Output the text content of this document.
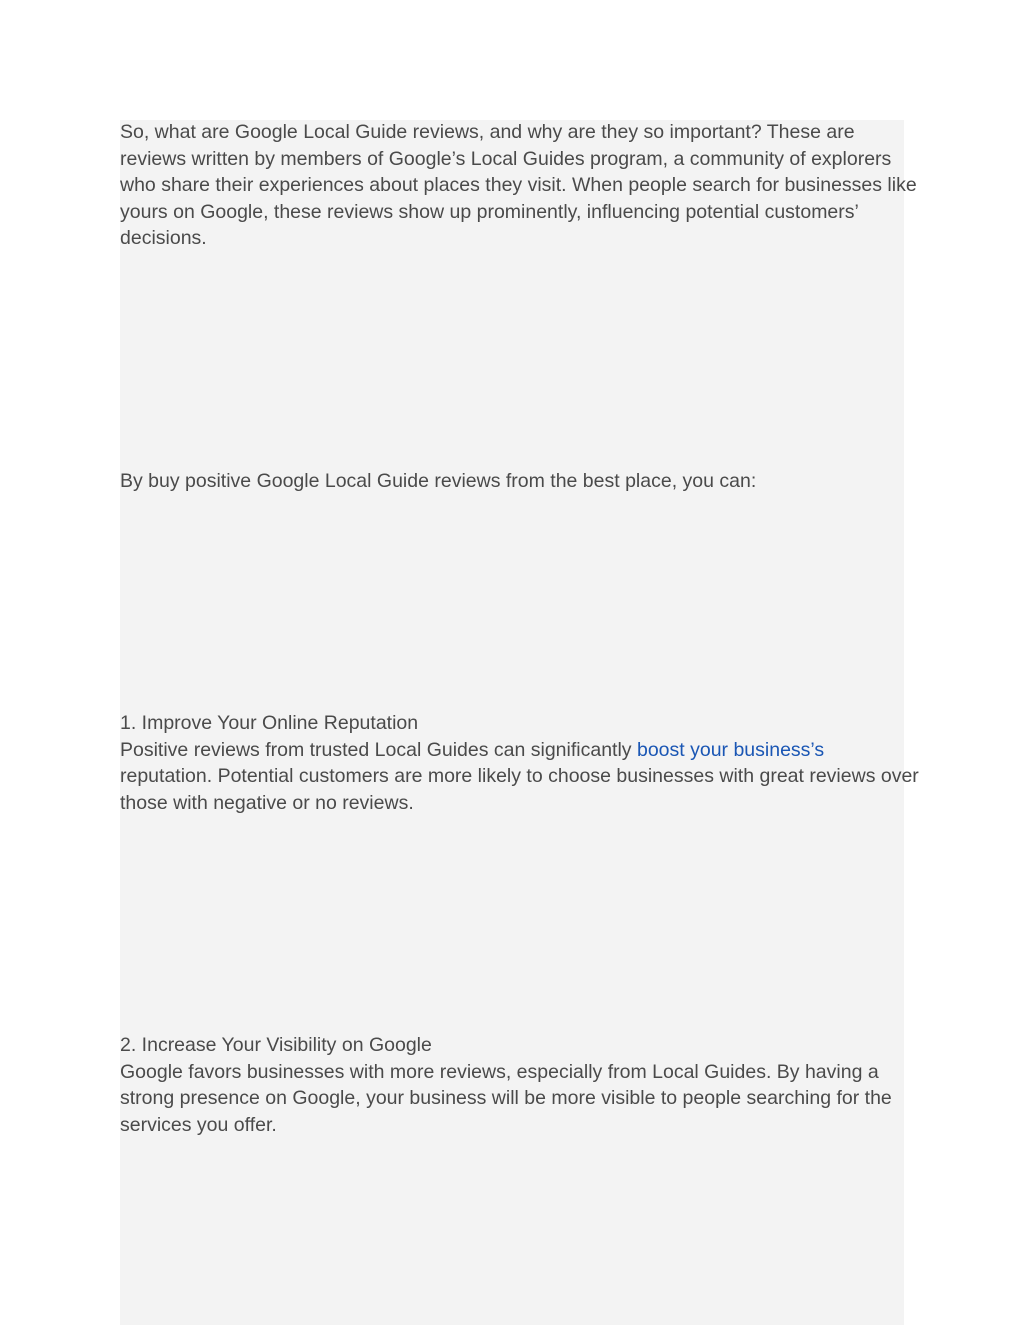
So, what are Google Local Guide reviews, and why are they so important? These are reviews written by members of Google’s Local Guides program, a community of explorers who share their experiences about places they visit. When people search for businesses like yours on Google, these reviews show up prominently, influencing potential customers’ decisions.

By buy positive Google Local Guide reviews from the best place, you can:

1. Improve Your Online Reputation
Positive reviews from trusted Local Guides can significantly boost your business’s reputation. Potential customers are more likely to choose businesses with great reviews over those with negative or no reviews.
2. Increase Your Visibility on Google
Google favors businesses with more reviews, especially from Local Guides. By having a strong presence on Google, your business will be more visible to people searching for the services you offer.
